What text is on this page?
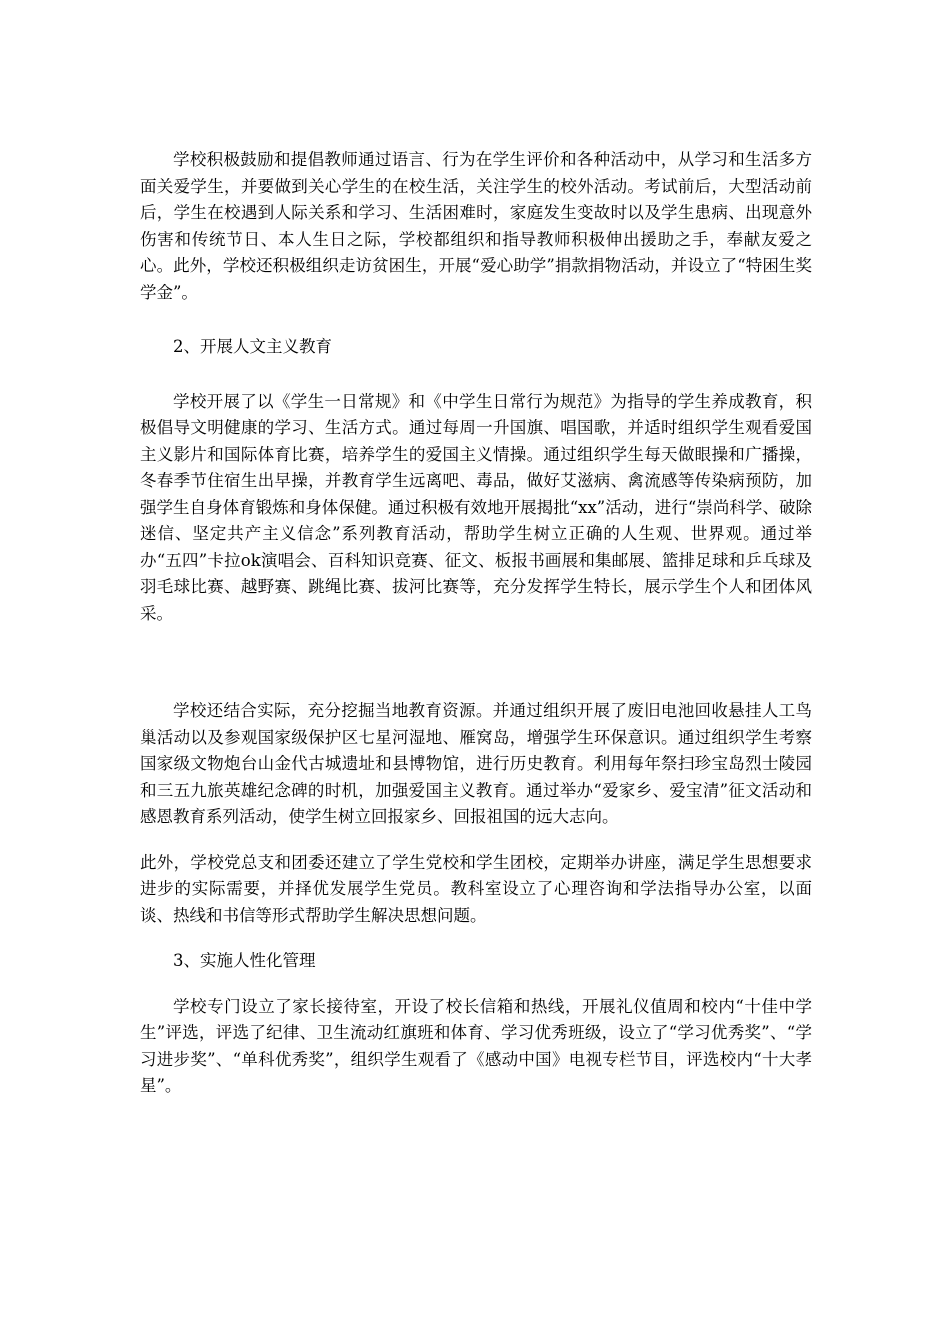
学校积极鼓励和提倡教师通过语言、行为在学生评价和各种活动中，从学习和生活多方面关爱学生，并要做到关心学生的在校生活，关注学生的校外活动。考试前后，大型活动前后，学生在校遇到人际关系和学习、生活困难时，家庭发生变故时以及学生患病、出现意外伤害和传统节日、本人生日之际，学校都组织和指导教师积极伸出援助之手，奉献友爱之心。此外，学校还积极组织走访贫困生，开展“爱心助学”捐款捐物活动，并设立了“特困生奖学金”。

2、开展人文主义教育

学校开展了以《学生一日常规》和《中学生日常行为规范》为指导的学生养成教育，积极倡导文明健康的学习、生活方式。通过每周一升国旗、唱国歌，并适时组织学生观看爱国主义影片和国际体育比赛，培养学生的爱国主义情操。通过组织学生每天做眼操和广播操，冬春季节住宿生出早操，并教育学生远离吧、毒品，做好艾滋病、禽流感等传染病预防，加强学生自身体育锻炼和身体保健。通过积极有效地开展揭批“xx”活动，进行“崇尚科学、破除迷信、坚定共产主义信念”系列教育活动，帮助学生树立正确的人生观、世界观。通过举办“五四”卡拉ok演唱会、百科知识竞赛、征文、板报书画展和集邮展、篮排足球和乒乓球及羽毛球比赛、越野赛、跳绳比赛、拔河比赛等，充分发挥学生特长，展示学生个人和团体风采。

学校还结合实际，充分挖掘当地教育资源。并通过组织开展了废旧电池回收悬挂人工鸟巢活动以及参观国家级保护区七星河湿地、雁窝岛，增强学生环保意识。通过组织学生考察国家级文物炮台山金代古城遗址和县博物馆，进行历史教育。利用每年祭扫珍宝岛烈士陵园和三五九旅英雄纪念碑的时机，加强爱国主义教育。通过举办“爱家乡、爱宝清”征文活动和感恩教育系列活动，使学生树立回报家乡、回报祖国的远大志向。

此外，学校党总支和团委还建立了学生党校和学生团校，定期举办讲座，满足学生思想要求进步的实际需要，并择优发展学生党员。教科室设立了心理咨询和学法指导办公室，以面谈、热线和书信等形式帮助学生解决思想问题。

3、实施人性化管理

学校专门设立了家长接待室，开设了校长信箱和热线，开展礼仪值周和校内“十佳中学生”评选，评选了纪律、卫生流动红旗班和体育、学习优秀班级，设立了“学习优秀奖”、“学习进步奖”、“单科优秀奖”，组织学生观看了《感动中国》电视专栏节目，评选校内“十大孝星”。
